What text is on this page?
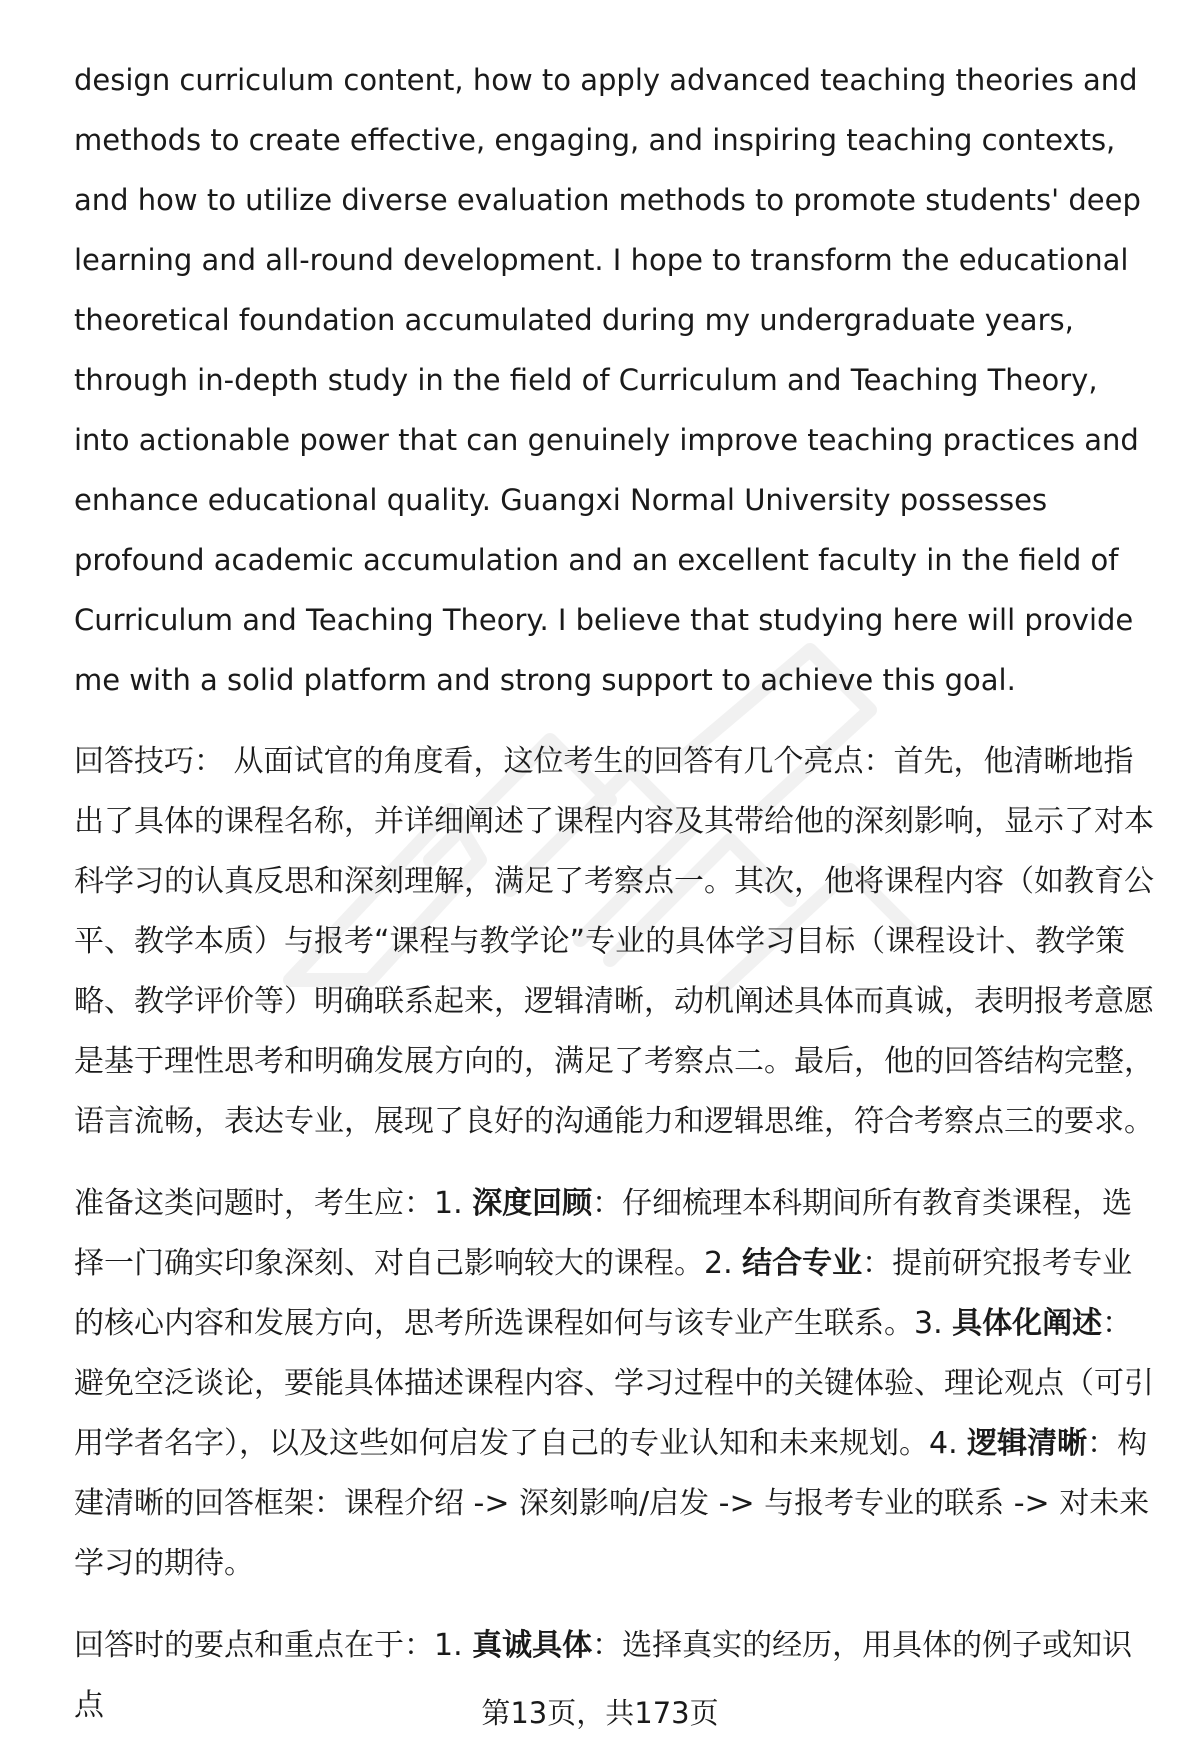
design curriculum content, how to apply advanced teaching theories and methods to create effective, engaging, and inspiring teaching contexts, and how to utilize diverse evaluation methods to promote students' deep learning and all-round development. I hope to transform the educational theoretical foundation accumulated during my undergraduate years, through in-depth study in the field of Curriculum and Teaching Theory, into actionable power that can genuinely improve teaching practices and enhance educational quality. Guangxi Normal University possesses profound academic accumulation and an excellent faculty in the field of Curriculum and Teaching Theory. I believe that studying here will provide me with a solid platform and strong support to achieve this goal.

回答技巧： 从面试官的角度看，这位考生的回答有几个亮点：首先，他清晰地指出了具体的课程名称，并详细阐述了课程内容及其带给他的深刻影响，显示了对本科学习的认真反思和深刻理解，满足了考察点一。其次，他将课程内容（如教育公平、教学本质）与报考“课程与教学论”专业的具体学习目标（课程设计、教学策略、教学评价等）明确联系起来，逻辑清晰，动机阐述具体而真诚，表明报考意愿是基于理性思考和明确发展方向的，满足了考察点二。最后，他的回答结构完整，语言流畅，表达专业，展现了良好的沟通能力和逻辑思维，符合考察点三的要求。

准备这类问题时，考生应：1. 深度回顾：仔细梳理本科期间所有教育类课程，选择一门确实印象深刻、对自己影响较大的课程。2. 结合专业：提前研究报考专业的核心内容和发展方向，思考所选课程如何与该专业产生联系。3. 具体化阐述：避免空泛谈论，要能具体描述课程内容、学习过程中的关键体验、理论观点（可引用学者名字），以及这些如何启发了自己的专业认知和未来规划。4. 逻辑清晰：构建清晰的回答框架：课程介绍 -> 深刻影响/启发 -> 与报考专业的联系 -> 对未来学习的期待。

回答时的要点和重点在于：1. 真诚具体：选择真实的经历，用具体的例子或知识点	第13页，共173页
